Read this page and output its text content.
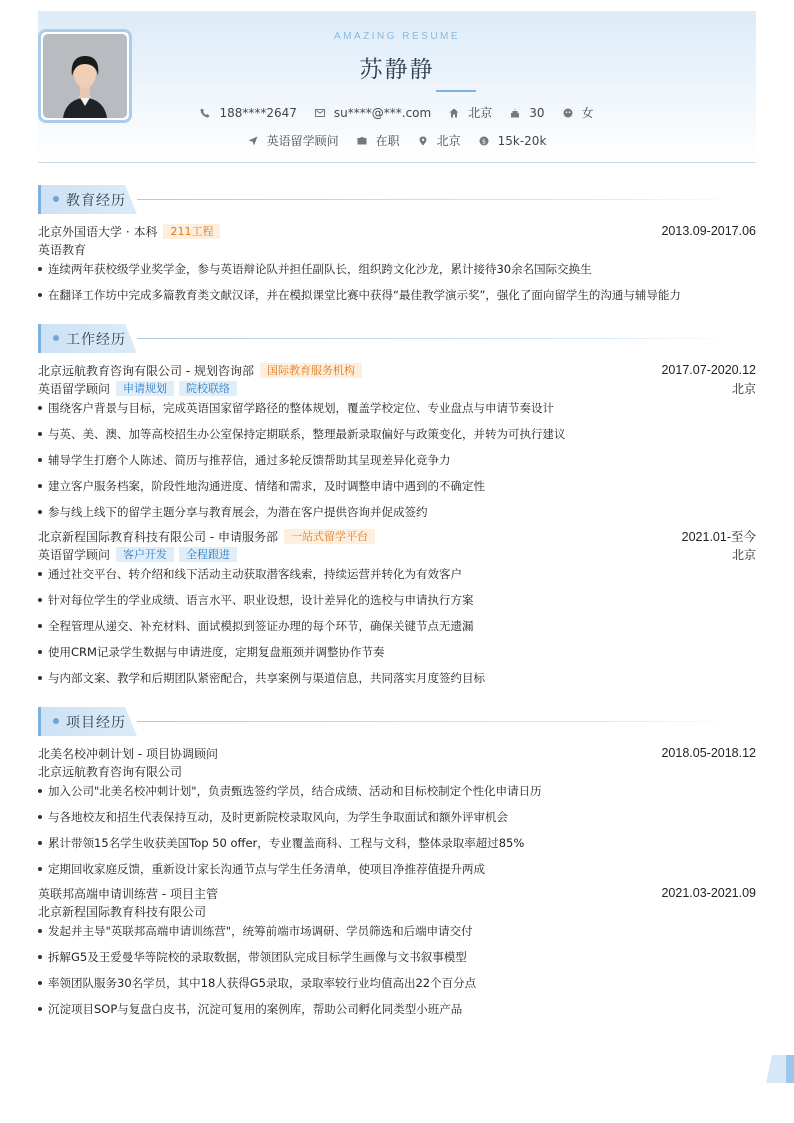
AMAZING RESUME
苏静静
188****2647	su****@***.com	北京	30	女
英语留学顾问	在职	北京	$ 15k-20k
教育经历
北京外国语大学 · 本科	211工程	2013.09-2017.06
英语教育
连续两年获校级学业奖学金，参与英语辩论队并担任副队长，组织跨文化沙龙，累计接待30余名国际交换生
在翻译工作坊中完成多篇教育类文献汉译，并在模拟课堂比赛中获得“最佳教学演示奖”，强化了面向留学生的沟通与辅导能力
工作经历
北京远航教育咨询有限公司 - 规划咨询部	国际教育服务机构	2017.07-2020.12
英语留学顾问	申请规划	院校联络	北京
围绕客户背景与目标，完成英语国家留学路径的整体规划，覆盖学校定位、专业盘点与申请节奏设计
与英、美、澳、加等高校招生办公室保持定期联系，整理最新录取偏好与政策变化，并转为可执行建议
辅导学生打磨个人陈述、简历与推荐信，通过多轮反馈帮助其呈现差异化竞争力
建立客户服务档案，阶段性地沟通进度、情绪和需求，及时调整申请中遇到的不确定性
参与线上线下的留学主题分享与教育展会，为潜在客户提供咨询并促成签约
北京新程国际教育科技有限公司 - 申请服务部	一站式留学平台	2021.01-至今
英语留学顾问	客户开发	全程跟进	北京
通过社交平台、转介绍和线下活动主动获取潜客线索，持续运营并转化为有效客户
针对每位学生的学业成绩、语言水平、职业设想，设计差异化的选校与申请执行方案
全程管理从递交、补充材料、面试模拟到签证办理的每个环节，确保关键节点无遗漏
使用CRM记录学生数据与申请进度，定期复盘瓶颈并调整协作节奏
与内部文案、教学和后期团队紧密配合，共享案例与渠道信息，共同落实月度签约目标
项目经历
北美名校冲刺计划 - 项目协调顾问	2018.05-2018.12
北京远航教育咨询有限公司
加入公司"北美名校冲刺计划"，负责甄选签约学员，结合成绩、活动和目标校制定个性化申请日历
与各地校友和招生代表保持互动，及时更新院校录取风向，为学生争取面试和额外评审机会
累计带领15名学生收获美国Top 50 offer，专业覆盖商科、工程与文科，整体录取率超过85%
定期回收家庭反馈，重新设计家长沟通节点与学生任务清单，使项目净推荐值提升两成
英联邦高端申请训练营 - 项目主管	2021.03-2021.09
北京新程国际教育科技有限公司
发起并主导"英联邦高端申请训练营"，统筹前端市场调研、学员筛选和后端申请交付
拆解G5及王爱曼华等院校的录取数据，带领团队完成目标学生画像与文书叙事模型
率领团队服务30名学员，其中18人获得G5录取，录取率较行业均值高出22个百分点
沉淀项目SOP与复盘白皮书，沉淀可复用的案例库，帮助公司孵化同类型小班产品
